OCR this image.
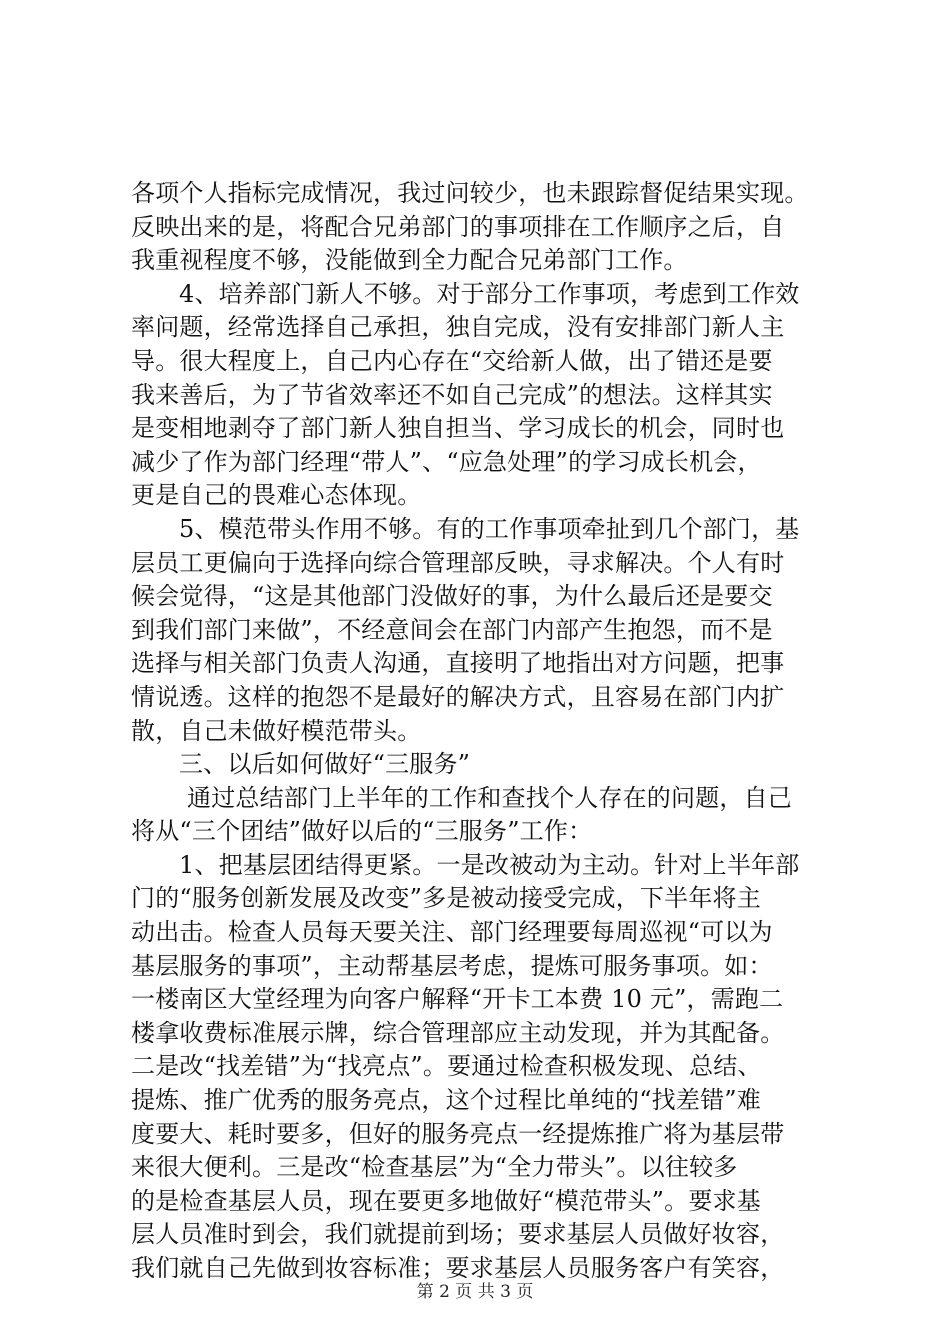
各项个人指标完成情况，我过问较少，也未跟踪督促结果实现。
反映出来的是，将配合兄弟部门的事项排在工作顺序之后，自
我重视程度不够，没能做到全力配合兄弟部门工作。
4、培养部门新人不够。对于部分工作事项，考虑到工作效
率问题，经常选择自己承担，独自完成，没有安排部门新人主
导。很大程度上，自己内心存在“交给新人做，出了错还是要
我来善后，为了节省效率还不如自己完成”的想法。这样其实
是变相地剥夺了部门新人独自担当、学习成长的机会，同时也
减少了作为部门经理“带人”、“应急处理”的学习成长机会，
更是自己的畏难心态体现。
5、模范带头作用不够。有的工作事项牵扯到几个部门，基
层员工更偏向于选择向综合管理部反映，寻求解决。个人有时
候会觉得，“这是其他部门没做好的事，为什么最后还是要交
到我们部门来做”，不经意间会在部门内部产生抱怨，而不是
选择与相关部门负责人沟通，直接明了地指出对方问题，把事
情说透。这样的抱怨不是最好的解决方式，且容易在部门内扩
散，自己未做好模范带头。
三、以后如何做好“三服务”
通过总结部门上半年的工作和查找个人存在的问题，自己
将从“三个团结”做好以后的“三服务”工作：
1、把基层团结得更紧。一是改被动为主动。针对上半年部
门的“服务创新发展及改变”多是被动接受完成，下半年将主
动出击。检查人员每天要关注、部门经理要每周巡视“可以为
基层服务的事项”，主动帮基层考虑，提炼可服务事项。如：
一楼南区大堂经理为向客户解释“开卡工本费 10 元”，需跑二
楼拿收费标准展示牌，综合管理部应主动发现，并为其配备。
二是改“找差错”为“找亮点”。要通过检查积极发现、总结、
提炼、推广优秀的服务亮点，这个过程比单纯的“找差错”难
度要大、耗时要多，但好的服务亮点一经提炼推广将为基层带
来很大便利。三是改“检查基层”为“全力带头”。以往较多
的是检查基层人员，现在要更多地做好“模范带头”。要求基
层人员准时到会，我们就提前到场；要求基层人员做好妆容，
我们就自己先做到妆容标准；要求基层人员服务客户有笑容，
第 2 页 共 3 页
